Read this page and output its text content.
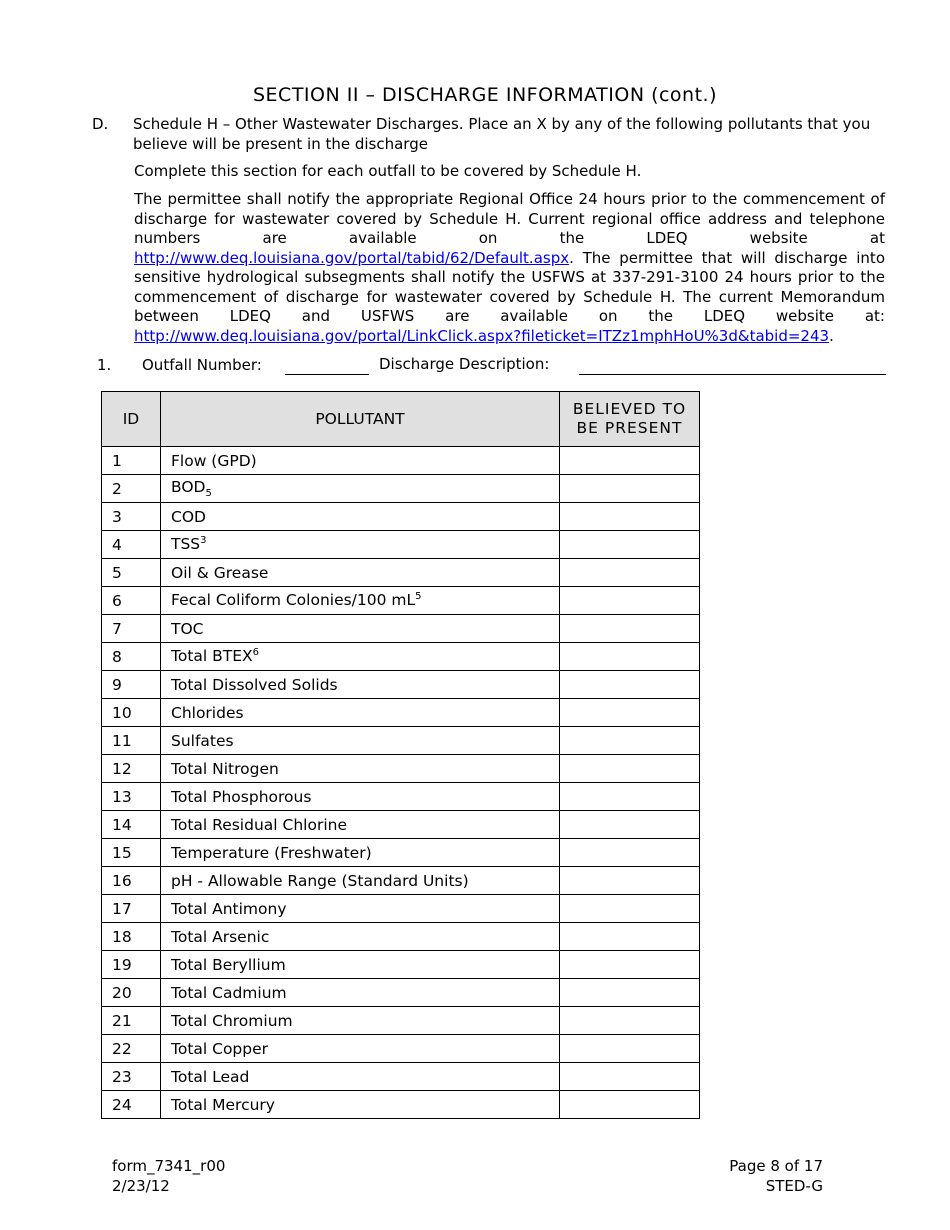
SECTION II – DISCHARGE INFORMATION (cont.)
D. Schedule H – Other Wastewater Discharges. Place an X by any of the following pollutants that you believe will be present in the discharge
Complete this section for each outfall to be covered by Schedule H.
The permittee shall notify the appropriate Regional Office 24 hours prior to the commencement of discharge for wastewater covered by Schedule H. Current regional office address and telephone numbers are available on the LDEQ website at http://www.deq.louisiana.gov/portal/tabid/62/Default.aspx. The permittee that will discharge into sensitive hydrological subsegments shall notify the USFWS at 337-291-3100 24 hours prior to the commencement of discharge for wastewater covered by Schedule H. The current Memorandum between LDEQ and USFWS are available on the LDEQ website at: http://www.deq.louisiana.gov/portal/LinkClick.aspx?fileticket=ITZz1mphHoU%3d&tabid=243.
1. Outfall Number:	Discharge Description:
ID	POLLUTANT	BELIEVED TO
BE PRESENT

1	Flow (GPD)	
2	$BOD_5$	
3	COD	
4	TSS$^3$	
5	Oil & Grease	
6	Fecal Coliform Colonies/100 $mL^5$	
7	TOC	
8	Total BTEX$^6$	
9	Total Dissolved Solids	
10	Chlorides	
11	Sulfates	
12	Total Nitrogen	
13	Total Phosphorous	
14	Total Residual Chlorine	
15	Temperature (Freshwater)	
16	pH - Allowable Range (Standard Units)	
17	Total Antimony	
18	Total Arsenic	
19	Total Beryllium	
20	Total Cadmium	
21	Total Chromium	
22	Total Copper	
23	Total Lead	
24	Total Mercury	
form_7341_r00
2/23/12
Page 8 of 17
STED-G
